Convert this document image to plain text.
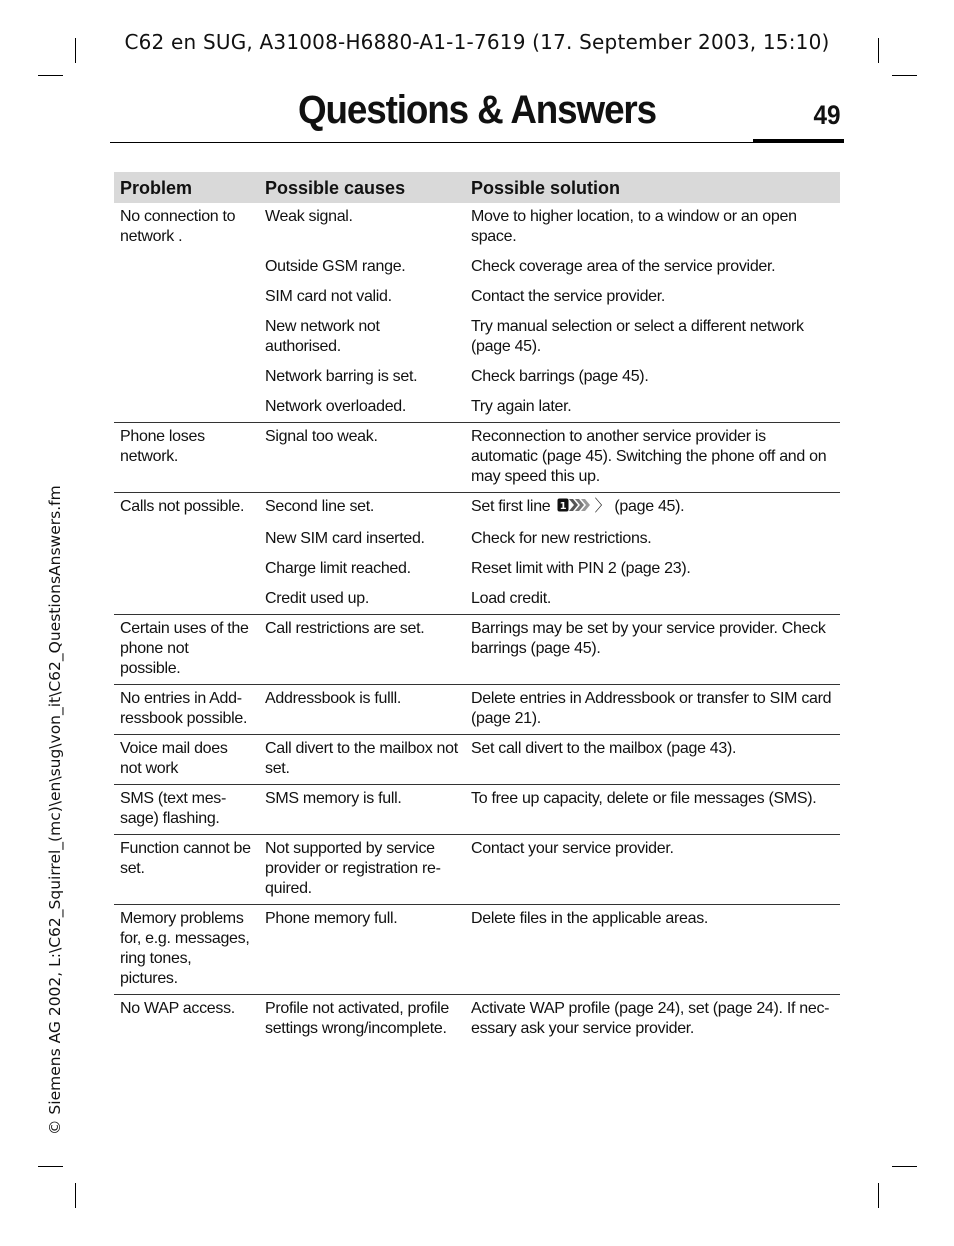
C62 en SUG, A31008-H6880-A1-1-7619 (17. September 2003, 15:10)
Questions & Answers	49
© Siemens AG 2002, L:\C62_Squirrel_(mc)\en\sug\von_it\C62_QuestionsAnswers.fm
Problem	Possible causes	Possible solution
No connection to network .	Weak signal.	Move to higher location, to a window or an open space.
	Outside GSM range.	Check coverage area of the service provider.
	SIM card not valid.	Contact the service provider.
	New network not authorised.	Try manual selection or select a different network (page 45).
	Network barring is set.	Check barrings (page 45).
	Network overloaded.	Try again later.
Phone loses network.	Signal too weak.	Reconnection to another service provider is automatic (page 45). Switching the phone off and on may speed this up.
Calls not possible.	Second line set.	Set first line 1 〉 (page 45).
	New SIM card inserted.	Check for new restrictions.
	Charge limit reached.	Reset limit with PIN 2 (page 23).
	Credit used up.	Load credit.
Certain uses of the phone not possible.	Call restrictions are set.	Barrings may be set by your service provider. Check barrings (page 45).
No entries in Add-ressbook possible.	Addressbook is fulll.	Delete entries in Addressbook or transfer to SIM card (page 21).
Voice mail does not work	Call divert to the mailbox not set.	Set call divert to the mailbox (page 43).
SMS (text mes-sage) flashing.	SMS memory is full.	To free up capacity, delete or file messages (SMS).
Function cannot be set.	Not supported by service provider or registration re-quired.	Contact your service provider.
Memory problems for, e.g. messages, ring tones, pictures.	Phone memory full.	Delete files in the applicable areas.
No WAP access.	Profile not activated, profile settings wrong/incomplete.	Activate WAP profile (page 24), set (page 24). If nec-essary ask your service provider.
